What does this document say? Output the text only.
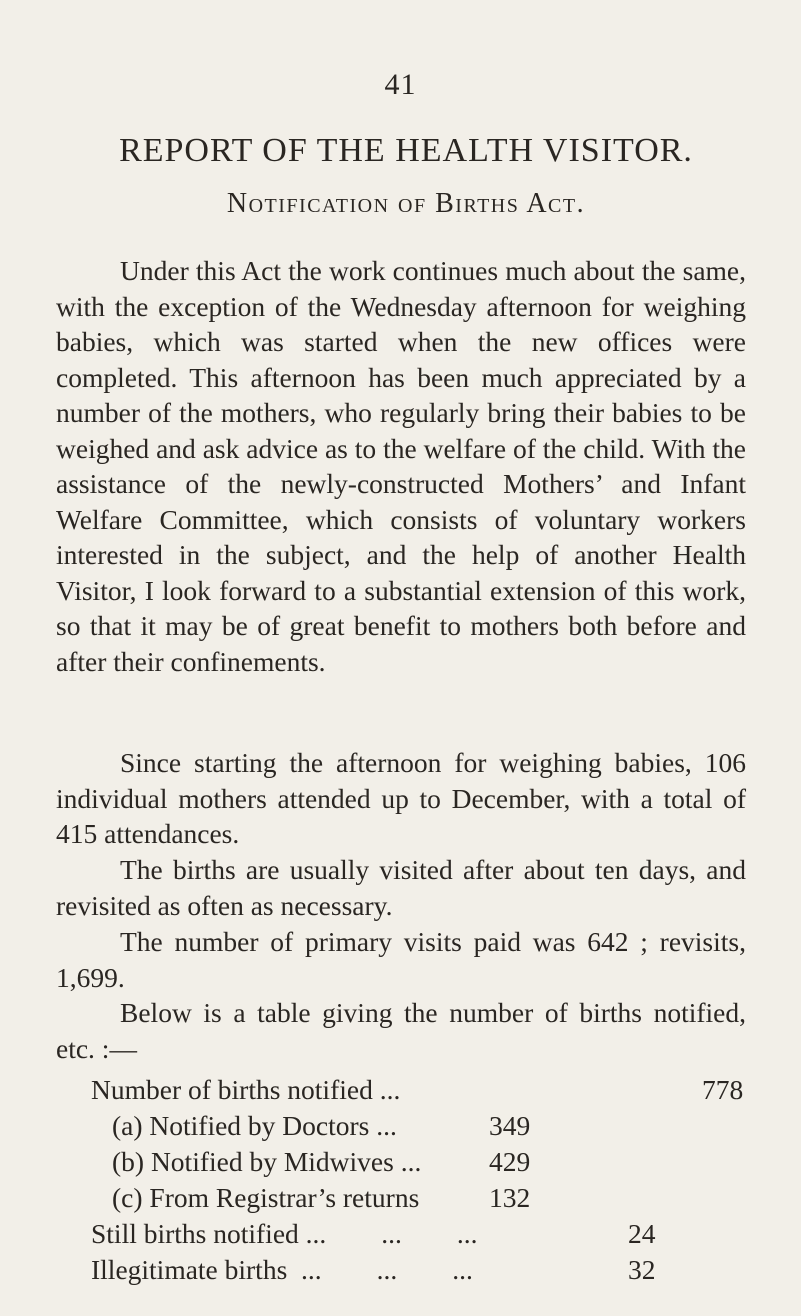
41
REPORT OF THE HEALTH VISITOR.
Notification of Births Act.

Under this Act the work continues much about the same, with the exception of the Wednesday afternoon for weighing babies, which was started when the new offices were completed. This afternoon has been much appreciated by a number of the mothers, who regularly bring their babies to be weighed and ask advice as to the welfare of the child. With the assistance of the newly-constructed Mothers’ and Infant Welfare Committee, which consists of voluntary workers interested in the subject, and the help of another Health Visitor, I look forward to a substantial extension of this work, so that it may be of great benefit to mothers both before and after their confinements.

Since starting the afternoon for weighing babies, 106 individual mothers attended up to December, with a total of 415 attendances.

The births are usually visited after about ten days, and revisited as often as necessary.

The number of primary visits paid was 642 ; revisits, 1,699.

Below is a table giving the number of births notified, etc. :—

Number of births notified ...	778
(a) Notified by Doctors ...	349
(b) Notified by Midwives ... 429
(c) From Registrar’s returns	132
Still births notified ...        ...        ...	24
Illegitimate births  ...        ...        ...	32
